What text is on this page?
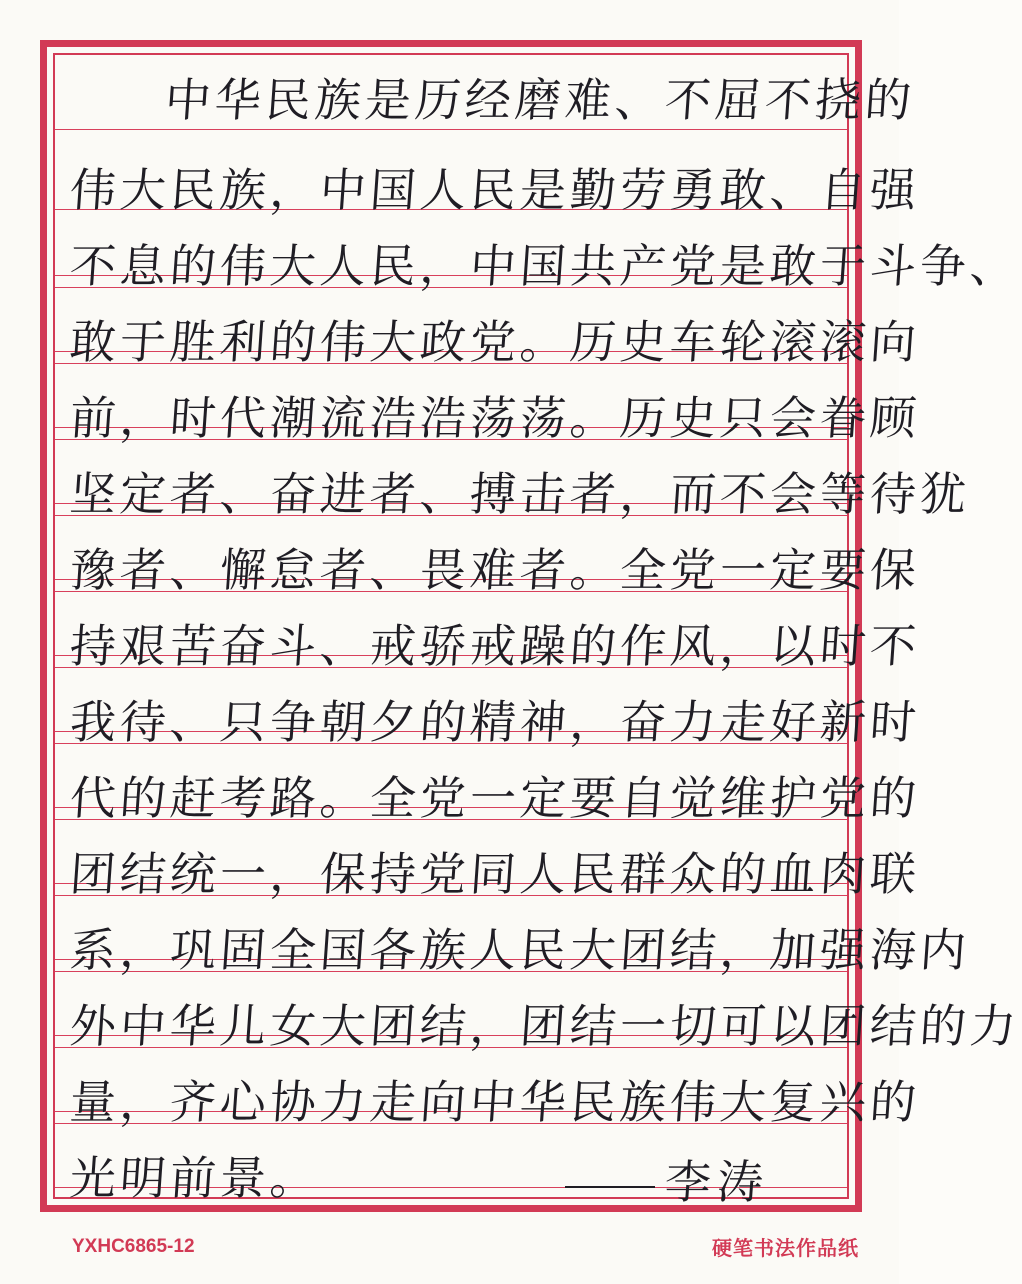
中华民族是历经磨难、不屈不挠的
伟大民族，中国人民是勤劳勇敢、自强
不息的伟大人民，中国共产党是敢于斗争、
敢于胜利的伟大政党。历史车轮滚滚向
前，时代潮流浩浩荡荡。历史只会眷顾
坚定者、奋进者、搏击者，而不会等待犹
豫者、懈怠者、畏难者。全党一定要保
持艰苦奋斗、戒骄戒躁的作风，以时不
我待、只争朝夕的精神，奋力走好新时
代的赶考路。全党一定要自觉维护党的
团结统一，保持党同人民群众的血肉联
系，巩固全国各族人民大团结，加强海内
外中华儿女大团结，团结一切可以团结的力
量，齐心协力走向中华民族伟大复兴的
光明前景。	李涛
YXHC6865-12	硬笔书法作品纸
